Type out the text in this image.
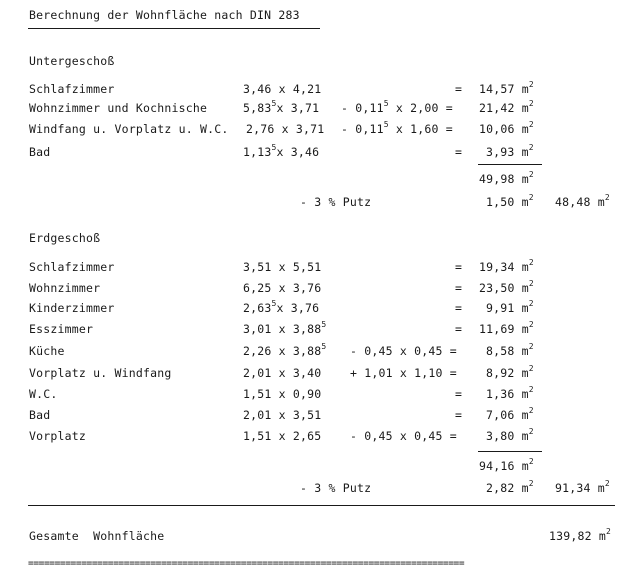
Berechnung der Wohnfläche nach DIN 283
Untergeschoß
Schlafzimmer	3,46 x 4,21	= 14,57 $m^2$
Wohnzimmer und Kochnische	5,83$^5$x 3,71 - 0,11$^5$ x 2,00 = 21,42 $m^2$
Windfang u. Vorplatz u. W.C. 2,76 x 3,71 - 0,11$^5$ x 1,60 = 10,06 $m^2$
Bad	1,13$^5$x 3,46	= 3,93 $m^2$
49,98 $m^2$
- 3 % Putz	1,50 $m^2$ 48,48 $m^2$
Erdgeschoß
Schlafzimmer	3,51 x 5,51	= 19,34 $m^2$
Wohnzimmer	6,25 x 3,76	= 23,50 $m^2$
Kinderzimmer	2,63$^5$x 3,76	= 9,91 $m^2$
Esszimmer	3,01 x $3,88^5$	= 11,69 $m^2$
Küche	2,26 x 3,88$^5$ - 0,45 x 0,45 =	8,58 $m^2$
Vorplatz u. Windfang	2,01 x 3,40 + 1,01 x 1,10 =	8,92 $m^2$
W.C.	1,51 x 0,90	= 1,36 $m^2$
Bad	2,01 x 3,51	= 7,06 $m^2$
Vorplatz	1,51 x 2,65 - 0,45 x 0,45 =	3,80 $m^2$
94,16 $m^2$
- 3 % Putz	2,82 $m^2$ 91,34 $m^2$
Gesamte  Wohnfläche	139,82 $m^2$
==================================================================================
